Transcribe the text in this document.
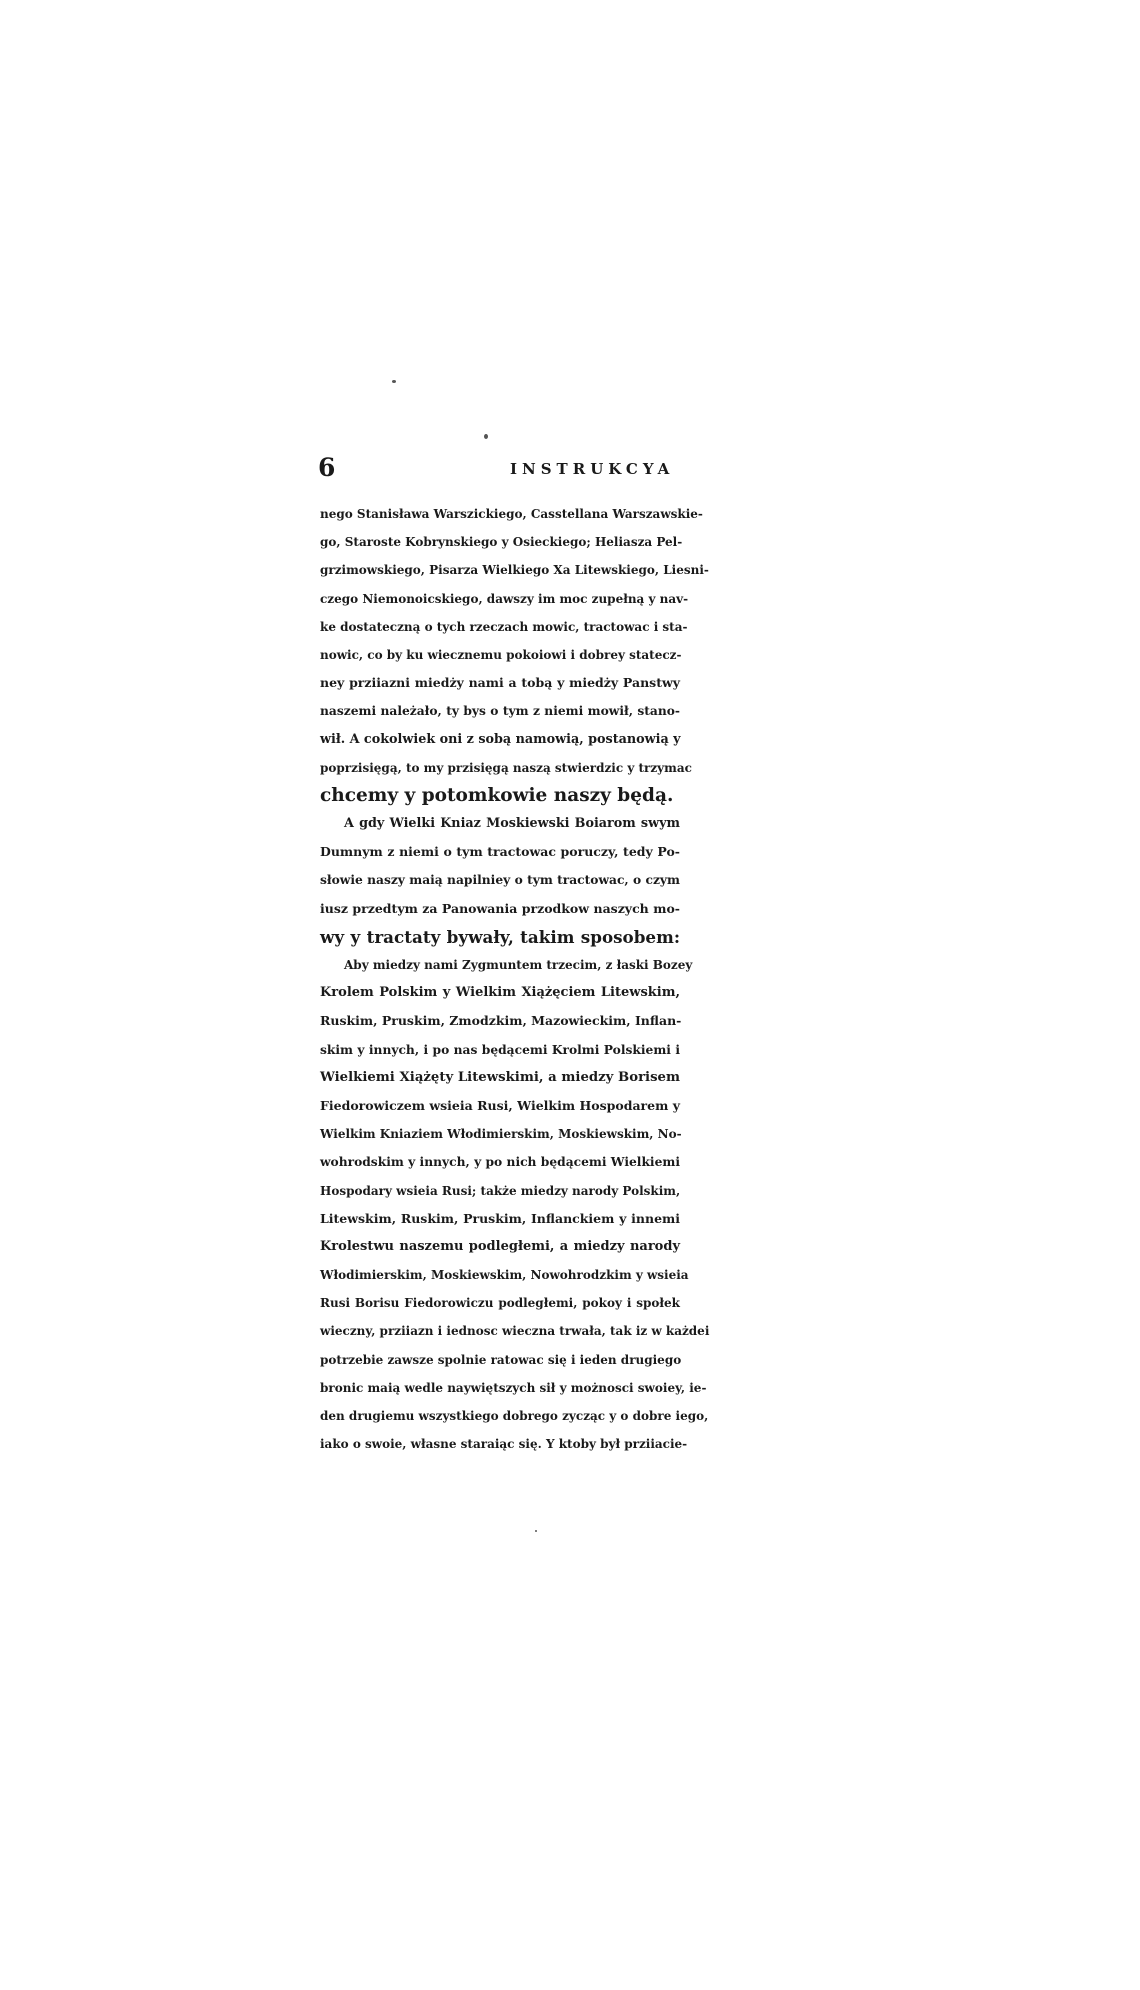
6	INSTRUKCYA
nego Stanisława Warszickiego, Casstellana Warszawskie-
go, Staroste Kobrynskiego y Osieckiego; Heliasza Pel-
grzimowskiego, Pisarza Wielkiego Xa Litewskiego, Liesni-
czego Niemonoicskiego, dawszy im moc zupełną y nav-
ke dostateczną o tych rzeczach mowic, tractowac i sta-
nowic, co by ku wiecznemu pokoiowi i dobrey statecz-
ney prziiazni miedży nami a tobą y miedży Panstwy
naszemi należało, ty bys o tym z niemi mowił, stano-
wił. A cokolwiek oni z sobą namowią, postanowią y
poprzisięgą, to my przisięgą naszą stwierdzic y trzymac
chcemy y potomkowie naszy będą.
A gdy Wielki Kniaz Moskiewski Boiarom swym
Dumnym z niemi o tym tractowac poruczy, tedy Po-
słowie naszy maią napilniey o tym tractowac, o czym
iusz przedtym za Panowania przodkow naszych mo-
wy y tractaty bywały, takim sposobem:
Aby miedzy nami Zygmuntem trzecim, z łaski Bozey
Krolem Polskim y Wielkim Xiążęciem Litewskim,
Ruskim, Pruskim, Zmodzkim, Mazowieckim, Inflan-
skim y innych, i po nas będącemi Krolmi Polskiemi i
Wielkiemi Xiążęty Litewskimi, a miedzy Borisem
Fiedorowiczem wsieia Rusi, Wielkim Hospodarem y
Wielkim Kniaziem Włodimierskim, Moskiewskim, No-
wohrodskim y innych, y po nich będącemi Wielkiemi
Hospodary wsieia Rusi; także miedzy narody Polskim,
Litewskim, Ruskim, Pruskim, Inflanckiem y innemi
Krolestwu naszemu podległemi, a miedzy narody
Włodimierskim, Moskiewskim, Nowohrodzkim y wsieia
Rusi Borisu Fiedorowiczu podległemi, pokoy i społek
wieczny, prziiazn i iednosc wieczna trwała, tak iz w każdei
potrzebie zawsze spolnie ratowac się i ieden drugiego
bronic maią wedle naywiętszych sił y możnosci swoiey, ie-
den drugiemu wszystkiego dobrego zycząc y o dobre iego,
iako o swoie, własne staraiąc się. Y ktoby był prziiacie-
